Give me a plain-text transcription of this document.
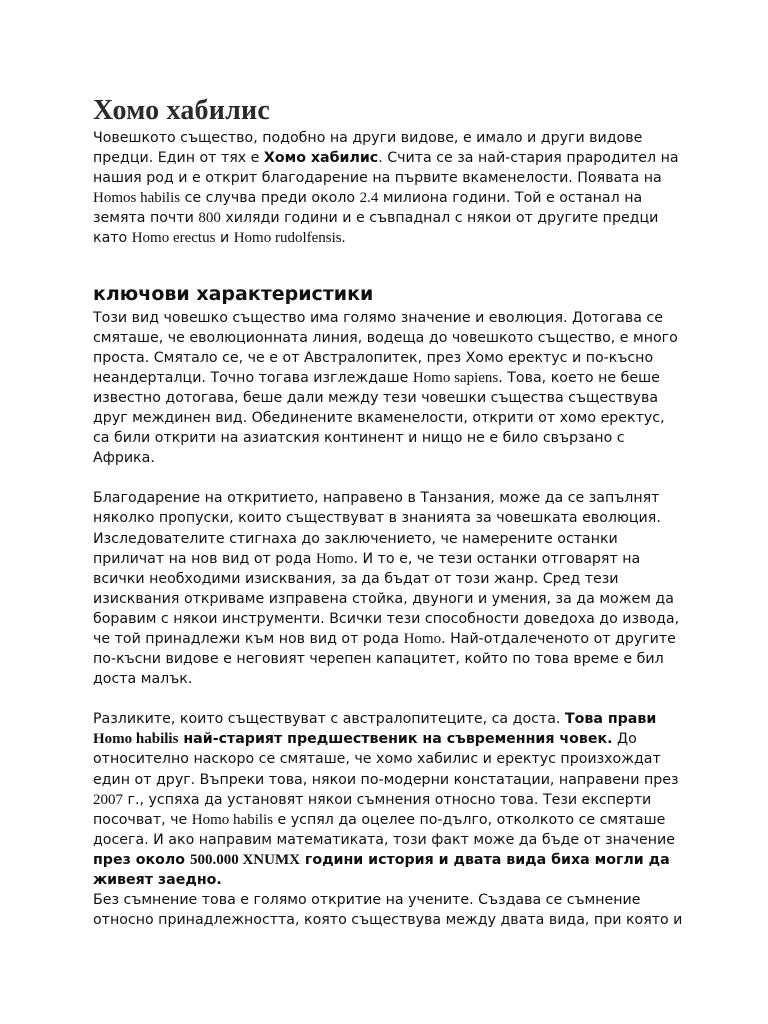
Хомо хабилис

Човешкото същество, подобно на други видове, е имало и други видове предци. Един от тях е Хомо хабилис. Счита се за най-стария прародител на нашия род и е открит благодарение на първите вкаменелости. Появата на Homos habilis се случва преди около 2.4 милиона години. Той е останал на земята почти 800 хиляди години и е съвпаднал с някои от другите предци като Homo erectus и Homo rudolfensis.

ключови характеристики

Този вид човешко същество има голямо значение и еволюция. Дотогава се смяташе, че еволюционната линия, водеща до човешкото същество, е много проста. Смятало се, че е от Австралопитек, през Хомо еректус и по-късно неандерталци. Точно тогава изглеждаше Homo sapiens. Това, което не беше известно дотогава, беше дали между тези човешки същества съществува друг междинен вид. Обединените вкаменелости, открити от хомо еректус, са били открити на азиатския континент и нищо не е било свързано с Африка.

Благодарение на откритието, направено в Танзания, може да се запълнят няколко пропуски, които съществуват в знанията за човешката еволюция. Изследователите стигнаха до заключението, че намерените останки приличат на нов вид от рода Homo. И то е, че тези останки отговарят на всички необходими изисквания, за да бъдат от този жанр. Сред тези изисквания откриваме изправена стойка, двуноги и умения, за да можем да боравим с някои инструменти. Всички тези способности доведоха до извода, че той принадлежи към нов вид от рода Homo. Най-отдалеченото от другите по-късни видове е неговият черепен капацитет, който по това време е бил доста малък.

Разликите, които съществуват с австралопитеците, са доста. Това прави Homo habilis най-старият предшественик на съвременния човек. До относително наскоро се смяташе, че хомо хабилис и еректус произхождат един от друг. Въпреки това, някои по-модерни констатации, направени през 2007 г., успяха да установят някои съмнения относно това. Тези експерти посочват, че Homo habilis е успял да оцелее по-дълго, отколкото се смяташе досега. И ако направим математиката, този факт може да бъде от значение през около 500.000 XNUMX години история и двата вида биха могли да живеят заедно.

Без съмнение това е голямо откритие на учените. Създава се съмнение относно принадлежността, която съществува между двата вида, при която и
